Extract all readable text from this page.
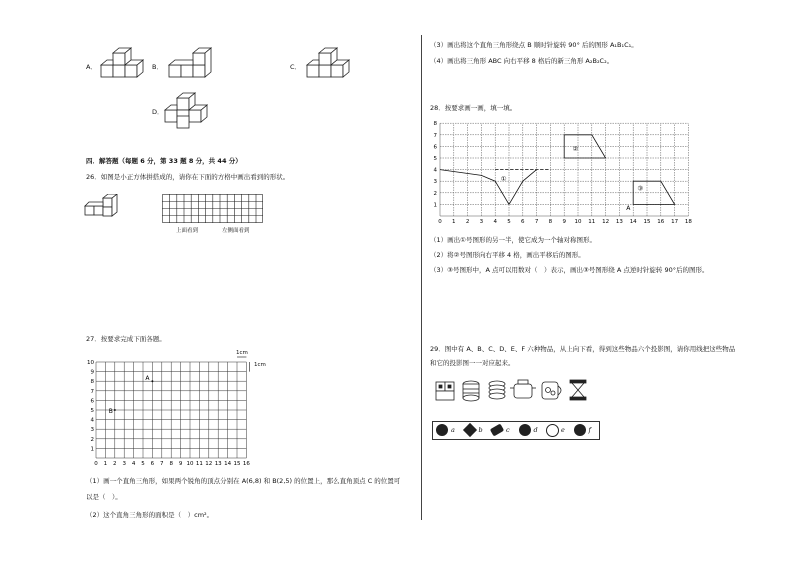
A．	B．	C．
D．
四．解答题（每题 6 分，第 33 题 8 分，共 44 分）
26．如图是小正方体拼搭成的，请你在下面的方格中画出看到的形状。
上面看到	左侧面看到
27．按要求完成下面各题。
1cm
1cm
0 1 2 3 4 5 6 7 8 9 10 11 12 13 14 15 16
1
2
3
4
5
6
7
8
9
10
A
B
（1）画一个直角三角形，如果两个锐角的顶点分别在 A(6,8) 和 B(2,5) 的位置上，那么直角顶点 C 的位置可
以是（　）。
（2）这个直角三角形的面积是（　）cm²。
（3）画出将这个直角三角形绕点 B 顺时针旋转 90° 后的图形 A₁B₁C₁。
（4）画出将三角形 ABC 向右平移 8 格后的新三角形 A₂B₂C₂。
28．按要求画一画，填一填。
0 1 2 3 4 5 6 7 8 9 10 11 12 13 14 15 16 17 18
1
2
3
4
5
6
7
8
①
②
③
A
（1）画出①号图形的另一半，使它成为一个轴对称图形。
（2）将②号图形向右平移 4 格，画出平移后的图形。
（3）③号图形中，A 点可以用数对（　）表示，画出③号图形绕 A 点逆时针旋转 90°后的图形。
29．图中有 A、B、C、D、E、F 六种物品，从上向下看，得到这些物品六个投影图，请你用线把这些物品
和它的投影图一一对应起来。
a	b	c	d	e	f
